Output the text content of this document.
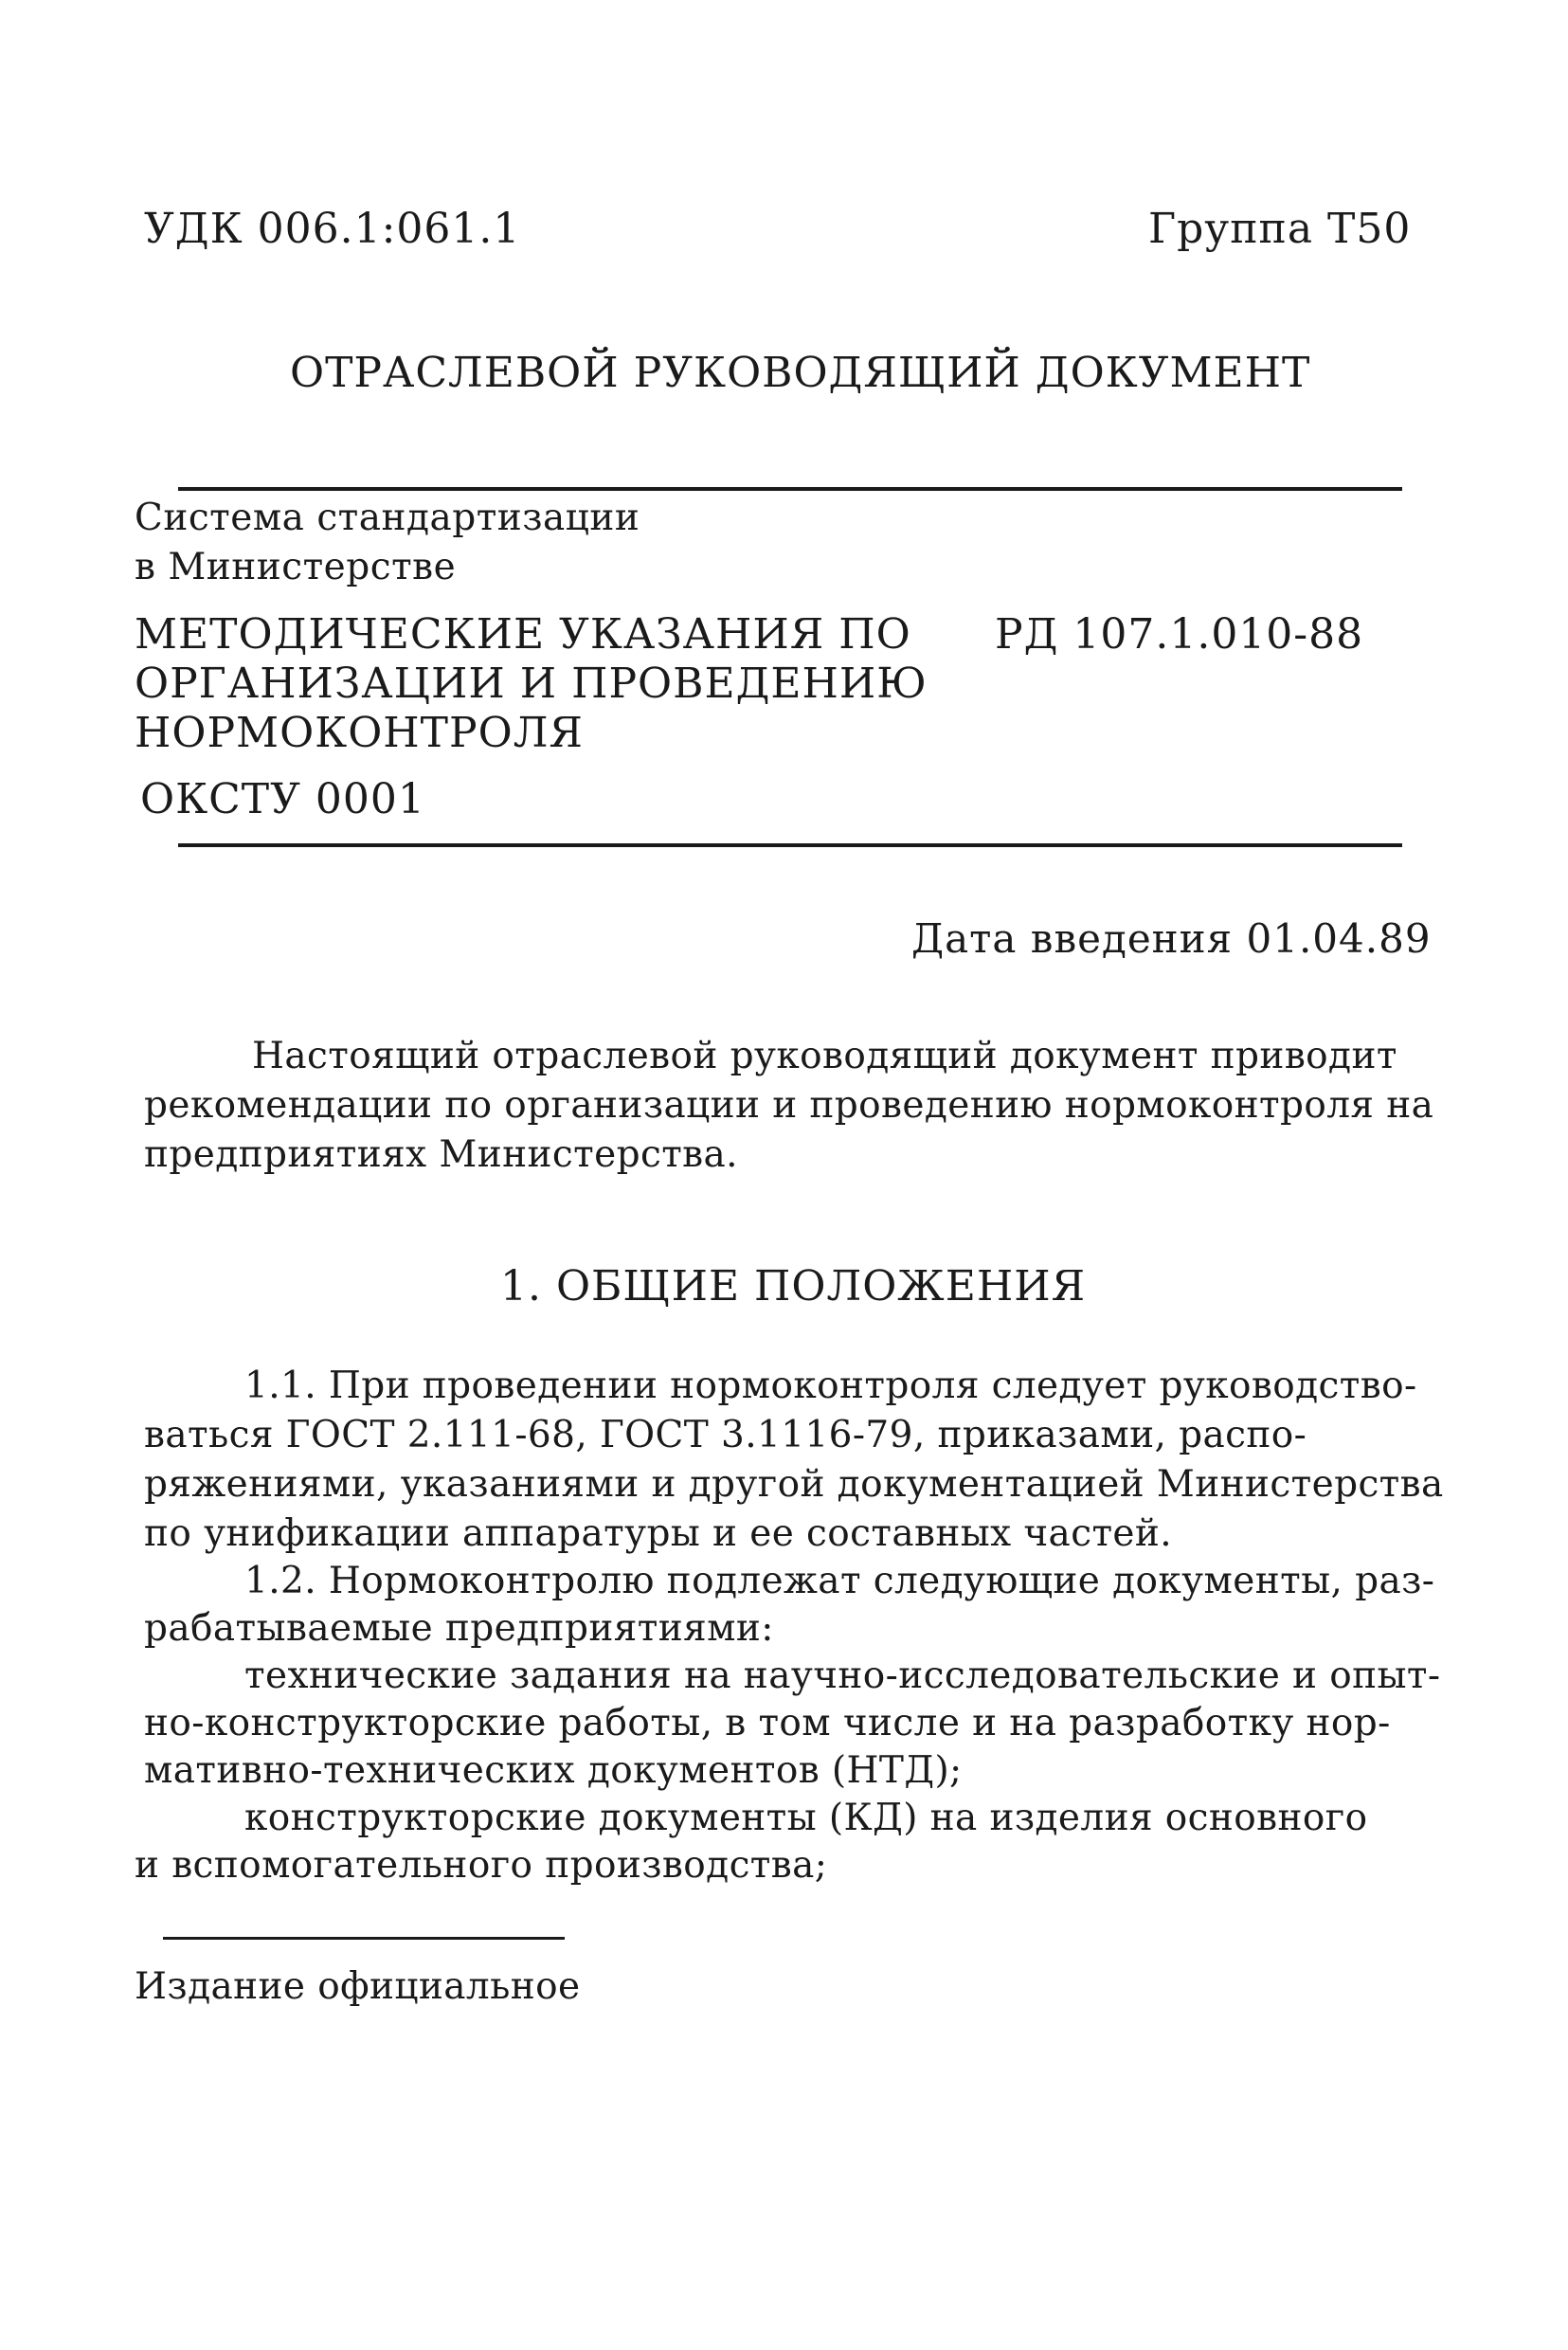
УДК 006.1:061.1	Группа Т50
ОТРАСЛЕВОЙ РУКОВОДЯЩИЙ ДОКУМЕНТ
Система стандартизации
в Министерстве
МЕТОДИЧЕСКИЕ УКАЗАНИЯ ПО
ОРГАНИЗАЦИИ И ПРОВЕДЕНИЮ
НОРМОКОНТРОЛЯ
РД 107.1.010-88
ОКСТУ 0001
Дата введения 01.04.89
Настоящий отраслевой руководящий документ приводит
рекомендации по организации и проведению нормоконтроля на
предприятиях Министерства.
1. ОБЩИЕ ПОЛОЖЕНИЯ
1.1. При проведении нормоконтроля следует руководство-
ваться ГОСТ 2.111-68, ГОСТ 3.1116-79, приказами, распо-
ряжениями, указаниями и другой документацией Министерства
по унификации аппаратуры и ее составных частей.
1.2. Нормоконтролю подлежат следующие документы, раз-
рабатываемые предприятиями:
технические задания на научно-исследовательские и опыт-
но-конструкторские работы, в том числе и на разработку нор-
мативно-технических документов (НТД);
конструкторские документы (КД) на изделия основного
и вспомогательного производства;
Издание официальное
